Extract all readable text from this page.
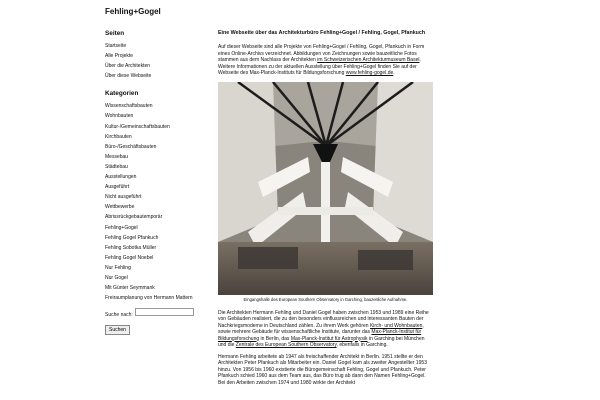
Fehling+Gogel
Seiten
Startseite
Alle Projekte
Über die Architekten
Über diese Webseite
Kategorien
Wissenschaftsbauten
Wohnbauten
Kultur-/Gemeinschaftsbauten
Kirchbauten
Büro-/Geschäftsbauten
Messebau
Städtebau
Ausstellungen
Ausgeführt
Nicht ausgeführt
Wettbewerbe
Abrissrückgebautemporär
Fehling+Gogel
Fehling Gogel Pfankuch
Fehling Sobotka Müller
Fehling Gogel Noebel
Nur Fehling
Nur Gogel
Mit Günter Seymmank
Freiraumplanung von Hermann Mattern
Suche nach:
Suchen
Eine Webseite über das Architekturbüro Fehling+Gogel / Fehling, Gogel, Pfankuch

Auf dieser Webseite sind alle Projekte von Fehling+Gogel / Fehling, Gogel, Pfankuch in Form eines Online-Archivs verzeichnet. Abbildungen von Zeichnungen sowie bauzeitliche Fotos stammen aus dem Nachlass der Architekten im Schweizerischen Architekturmuseum Basel. Weitere Informationen zu der aktuellen Ausstellung über Fehling+Gogel finden Sie auf der Webseite des Max-Planck-Instituts für Bildungsforschung www.fehling-gogel.de.

Eingangshalle des European Southern Observatory in Garching, bauzeitliche Aufnahme.

Die Architekten Hermann Fehling und Daniel Gogel haben zwischen 1953 und 1989 eine Reihe von Gebäuden realisiert, die zu den besonders einflussreichen und interessanten Bauten der Nachkriegsmoderne in Deutschland zählen. Zu ihrem Werk gehören Kirch- und Wohnbauten, sowie mehrere Gebäude für wissenschaftliche Institute, darunter das Max-Planck-Institut für Bildungsforschung in Berlin, das Max-Planck-Institut für Astrophysik in Garching bei München und die Zentrale des European Southern Observatory, ebenfalls in Garching.

Hermann Fehling arbeitete ab 1947 als freischaffender Architekt in Berlin. 1951 stellte er den Architekten Peter Pfankuch als Mitarbeiter ein. Daniel Gogel kam als zweiter Angestellter 1953 hinzu. Von 1956 bis 1960 existierte die Bürogemeinschaft Fehling, Gogel und Pfankuch. Peter Pfankuch schied 1960 aus dem Team aus, das Büro trug ab dann den Namen Fehling+Gogel. Bei den Arbeiten zwischen 1974 und 1980 wirkte der Architekt
